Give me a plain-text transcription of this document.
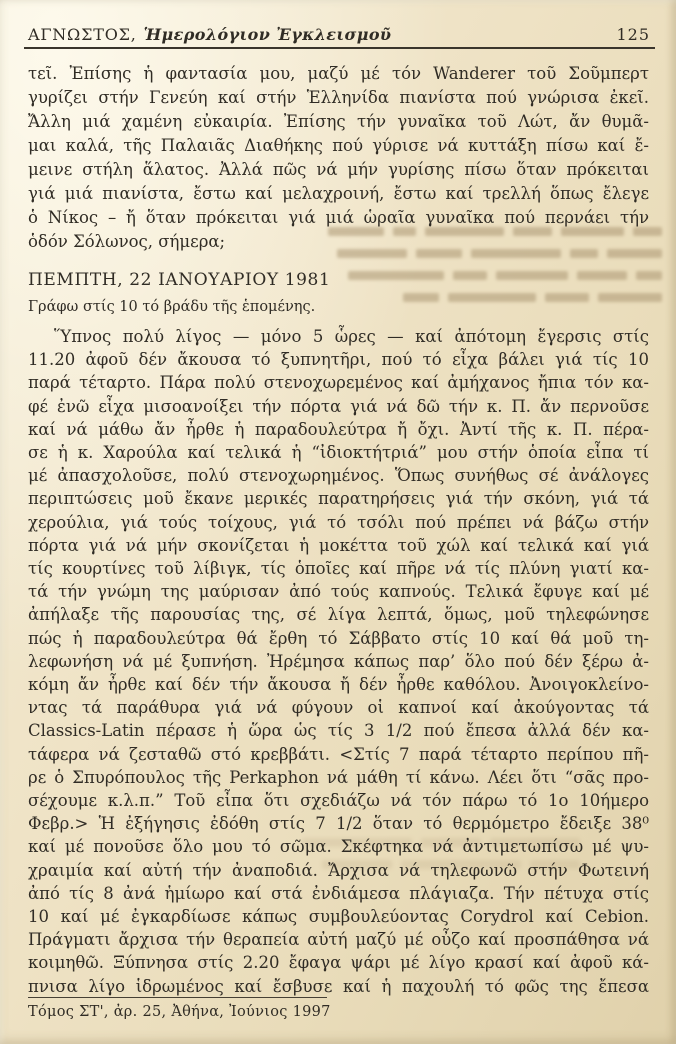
ΑΓΝΩΣΤΟΣ, Ἡμερολόγιον Ἐγκλεισμοῦ	125
τεῖ. Ἐπίσης ἡ φαντασία μου, μαζύ μέ τόν Wanderer τοῦ Σοῦμπερτ
γυρίζει στήν Γενεύη καί στήν Ἑλληνίδα πιανίστα πού γνώρισα ἐκεῖ.
Ἄλλη μιά χαμένη εὐκαιρία. Ἐπίσης τήν γυναῖκα τοῦ Λώτ, ἄν θυμᾶ-
μαι καλά, τῆς Παλαιᾶς Διαθήκης πού γύρισε νά κυττάξη πίσω καί ἔ-
μεινε στήλη ἅλατος. Ἀλλά πῶς νά μήν γυρίσης πίσω ὅταν πρόκειται
γιά μιά πιανίστα, ἔστω καί μελαχροινή, ἔστω καί τρελλή ὅπως ἔλεγε
ὁ Νίκος – ἤ ὅταν πρόκειται γιά μιά ὡραῖα γυναῖκα πού περνάει τήν
ὁδόν Σόλωνος, σήμερα;
ΠΕΜΠΤΗ, 22 ΙΑΝΟΥΑΡΙΟΥ 1981
Γράφω στίς 10 τό βράδυ τῆς ἑπομένης.
Ὕπνος πολύ λίγος — μόνο 5 ὧρες — καί ἀπότομη ἔγερσις στίς
11.20 ἀφοῦ δέν ἄκουσα τό ξυπνητῆρι, πού τό εἶχα βάλει γιά τίς 10
παρά τέταρτο. Πάρα πολύ στενοχωρεμένος καί ἀμήχανος ἤπια τόν κα-
φέ ἐνῶ εἶχα μισοανοίξει τήν πόρτα γιά νά δῶ τήν κ. Π. ἄν περνοῦσε
καί νά μάθω ἄν ἦρθε ἡ παραδουλεύτρα ἤ ὄχι. Ἀντί τῆς κ. Π. πέρα-
σε ἡ κ. Χαρούλα καί τελικά ἡ “ἰδιοκτήτριά” μου στήν ὁποία εἶπα τί
μέ ἀπασχολοῦσε, πολύ στενοχωρημένος. Ὅπως συνήθως σέ ἀνάλογες
περιπτώσεις μοῦ ἔκανε μερικές παρατηρήσεις γιά τήν σκόνη, γιά τά
χερούλια, γιά τούς τοίχους, γιά τό τσόλι πού πρέπει νά βάζω στήν
πόρτα γιά νά μήν σκονίζεται ἡ μοκέττα τοῦ χώλ καί τελικά καί γιά
τίς κουρτίνες τοῦ λίβιγκ, τίς ὁποῖες καί πῆρε νά τίς πλύνη γιατί κα-
τά τήν γνώμη της μαύρισαν ἀπό τούς καπνούς. Τελικά ἔφυγε καί μέ
ἀπήλαξε τῆς παρουσίας της, σέ λίγα λεπτά, ὅμως, μοῦ τηλεφώνησε
πώς ἡ παραδουλεύτρα θά ἔρθη τό Σάββατο στίς 10 καί θά μοῦ τη-
λεφωνήση νά μέ ξυπνήση. Ἠρέμησα κάπως παρ’ ὅλο πού δέν ξέρω ἀ-
κόμη ἄν ἦρθε καί δέν τήν ἄκουσα ἤ δέν ἦρθε καθόλου. Ἀνοιγοκλείνο-
ντας τά παράθυρα γιά νά φύγουν οἱ καπνοί καί ἀκούγοντας τά
Classics-Latin πέρασε ἡ ὥρα ὡς τίς 3 1/2 πού ἔπεσα ἀλλά δέν κα-
τάφερα νά ζεσταθῶ στό κρεββάτι. <Στίς 7 παρά τέταρτο περίπου πῆ-
ρε ὁ Σπυρόπουλος τῆς Perkaphon νά μάθη τί κάνω. Λέει ὅτι “σᾶς προ-
σέχουμε κ.λ.π.” Τοῦ εἶπα ὅτι σχεδιάζω νά τόν πάρω τό 1ο 10ήμερο
Φεβρ.> Ἡ ἐξήγησις ἐδόθη στίς 7 1/2 ὅταν τό θερμόμετρο ἔδειξε 38⁰
καί μέ πονοῦσε ὅλο μου τό σῶμα. Σκέφτηκα νά ἀντιμετωπίσω μέ ψυ-
χραιμία καί αὐτή τήν ἀναποδιά. Ἄρχισα νά τηλεφωνῶ στήν Φωτεινή
ἀπό τίς 8 ἀνά ἡμίωρο καί στά ἐνδιάμεσα πλάγιαζα. Τήν πέτυχα στίς
10 καί μέ ἐγκαρδίωσε κάπως συμβουλεύοντας Corydrol καί Cebion.
Πράγματι ἄρχισα τήν θεραπεία αὐτή μαζύ μέ οὖζο καί προσπάθησα νά
κοιμηθῶ. Ξύπνησα στίς 2.20 ἔφαγα ψάρι μέ λίγο κρασί καί ἀφοῦ κά-
πνισα λίγο ἱδρωμένος καί ἔσβυσε καί ἡ παχουλή τό φῶς της ἔπεσα
Τόμος ΣΤ', ἀρ. 25, Ἀθήνα, Ἰούνιος 1997
